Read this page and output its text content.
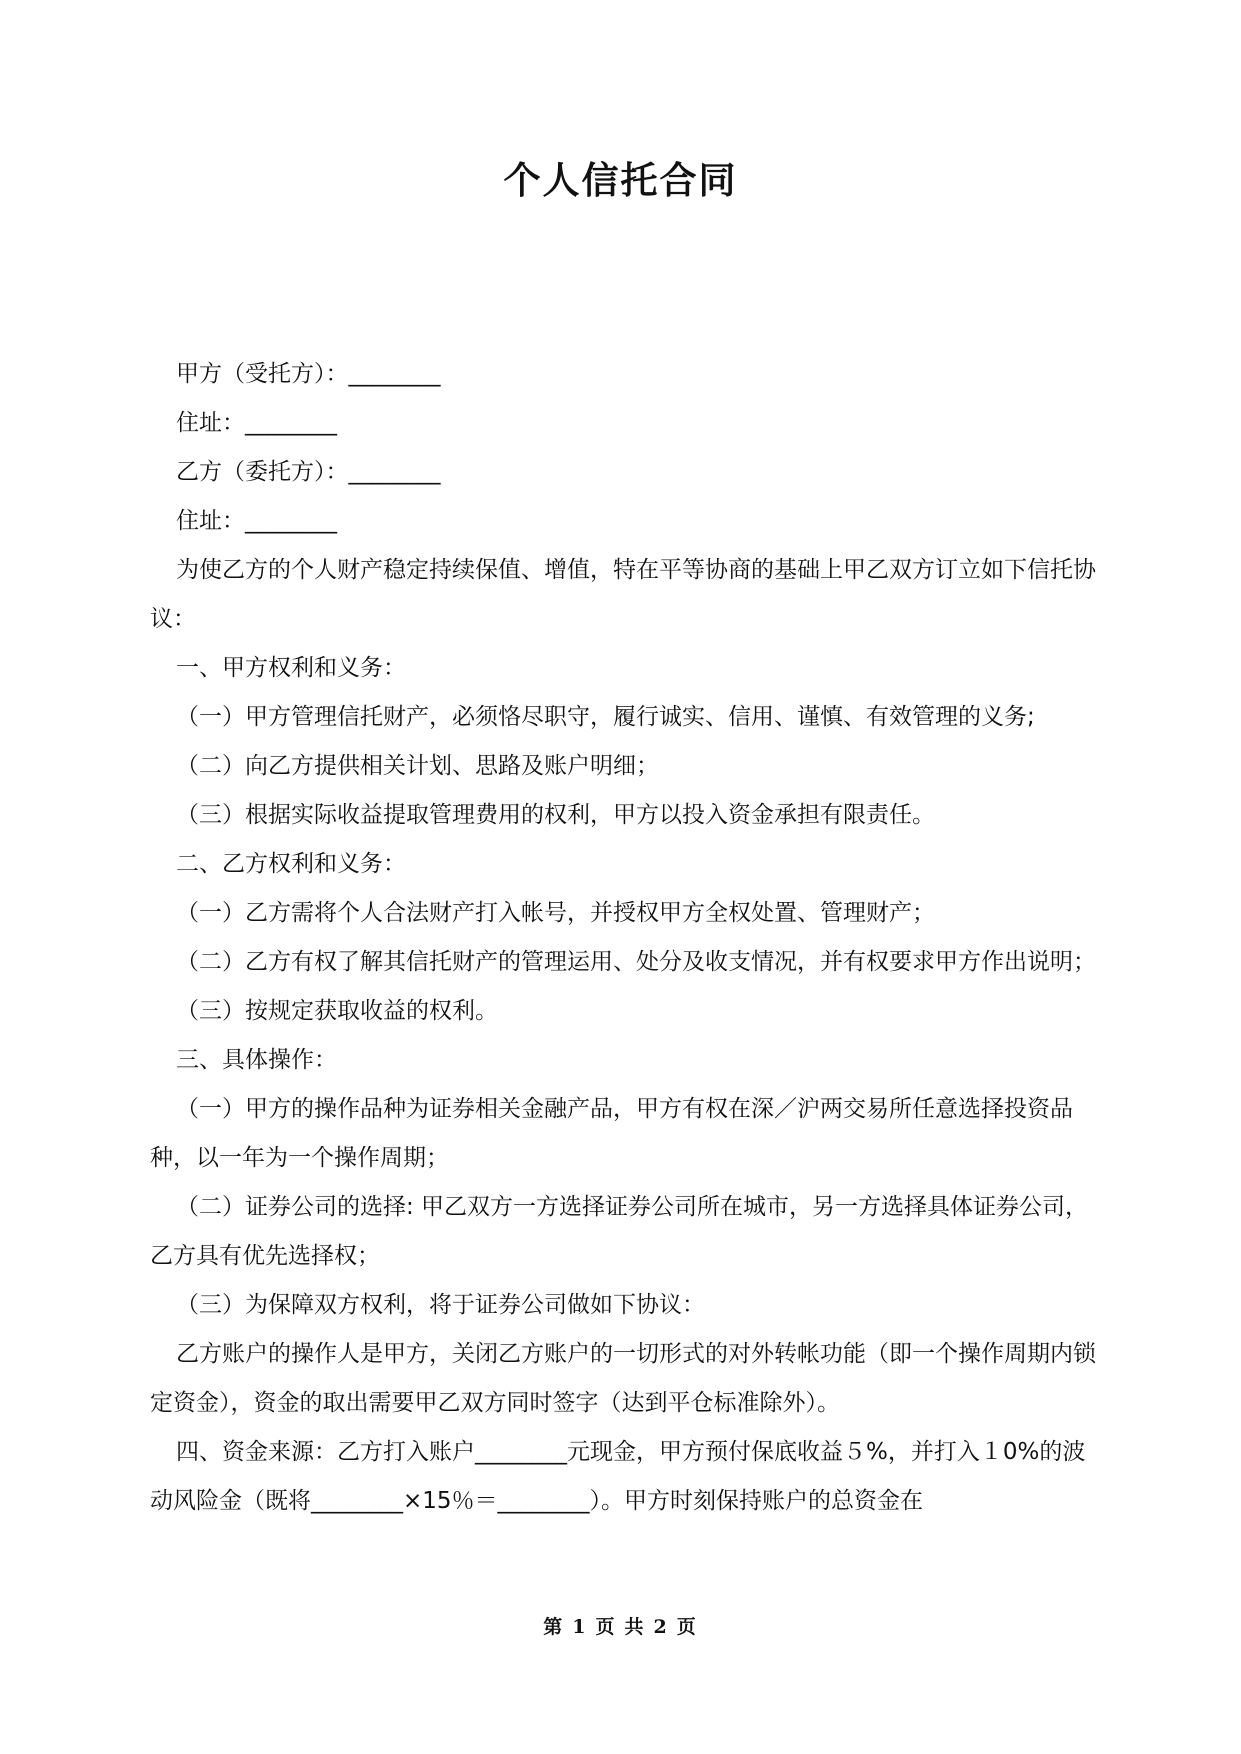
个人信托合同

甲方（受托方）：________

住址：________

乙方（委托方）：________

住址：________

为使乙方的个人财产稳定持续保值、增值，特在平等协商的基础上甲乙双方订立如下信托协议：

一、甲方权利和义务：

（一）甲方管理信托财产，必须恪尽职守，履行诚实、信用、谨慎、有效管理的义务;

（二）向乙方提供相关计划、思路及账户明细；

（三）根据实际收益提取管理费用的权利，甲方以投入资金承担有限责任。

二、乙方权利和义务：

（一）乙方需将个人合法财产打入帐号，并授权甲方全权处置、管理财产；

（二）乙方有权了解其信托财产的管理运用、处分及收支情况，并有权要求甲方作出说明；

（三）按规定获取收益的权利。

三、具体操作：

（一）甲方的操作品种为证券相关金融产品，甲方有权在深／沪两交易所任意选择投资品种，以一年为一个操作周期；

（二）证券公司的选择: 甲乙双方一方选择证券公司所在城市，另一方选择具体证券公司，乙方具有优先选择权；

（三）为保障双方权利，将于证券公司做如下协议：

乙方账户的操作人是甲方，关闭乙方账户的一切形式的对外转帐功能（即一个操作周期内锁定资金），资金的取出需要甲乙双方同时签字（达到平仓标准除外）。

四、资金来源：乙方打入账户________元现金，甲方预付保底收益５%，并打入１0%的波动风险金（既将________×15％＝________）。甲方时刻保持账户的总资金在

第 1 页 共 2 页
